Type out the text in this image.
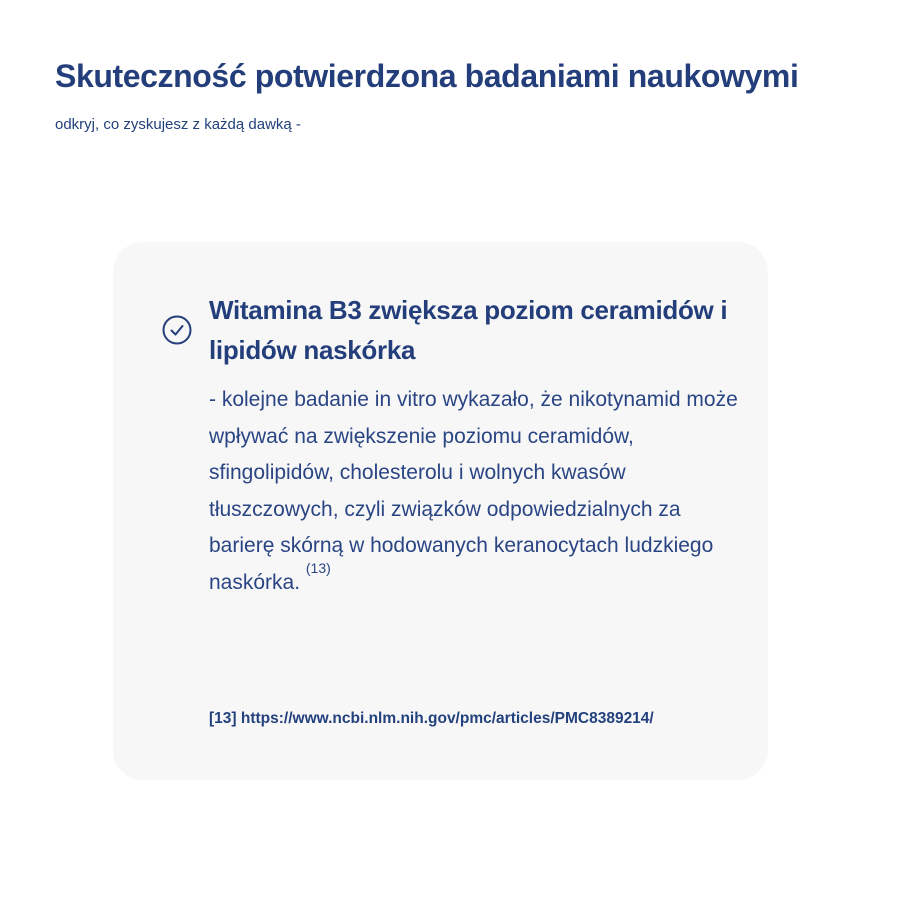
Skuteczność potwierdzona badaniami naukowymi

odkryj, co zyskujesz z każdą dawką -

Witamina B3 zwiększa poziom ceramidów i lipidów naskórka

- kolejne badanie in vitro wykazało, że nikotynamid może wpływać na zwiększenie poziomu ceramidów, sfingolipidów, cholesterolu i wolnych kwasów tłuszczowych, czyli związków odpowiedzialnych za barierę skórną w hodowanych keranocytach ludzkiego naskórka. $^{(13)}$

[13] https://www.ncbi.nlm.nih.gov/pmc/articles/PMC8389214/
